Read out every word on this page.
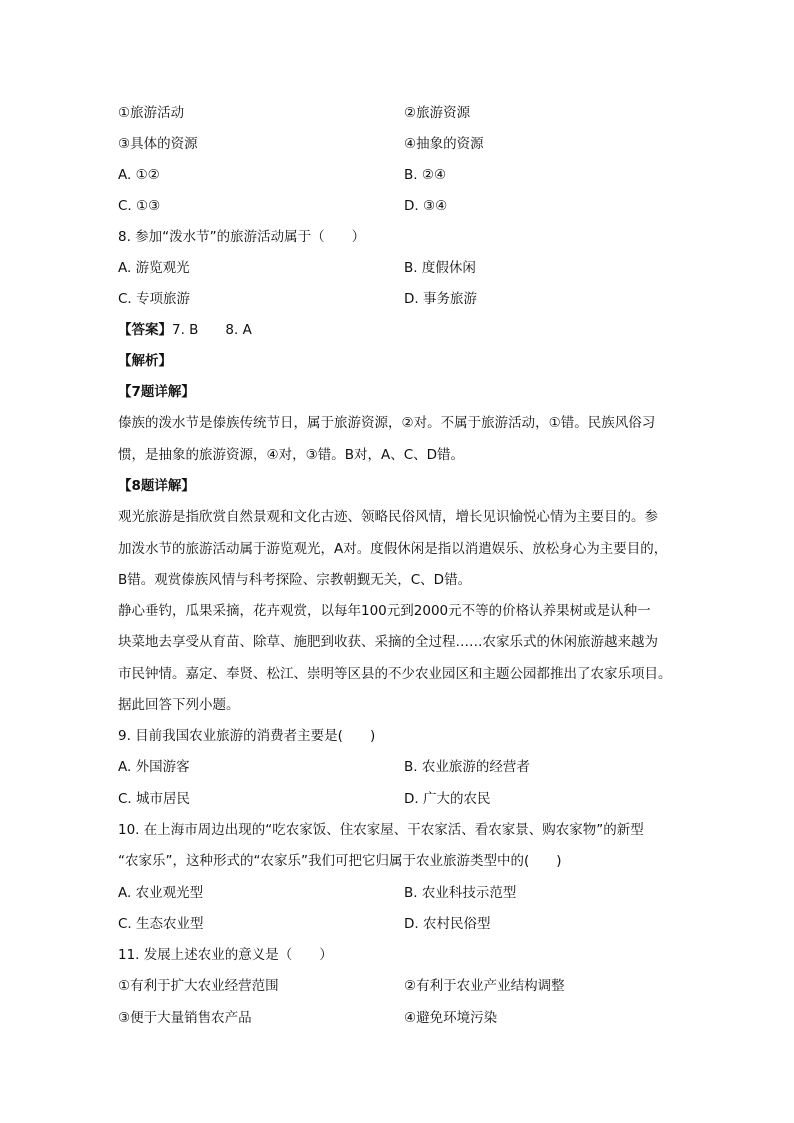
①旅游活动	②旅游资源
③具体的资源	④抽象的资源
A. ①②	B. ②④
C. ①③	D. ③④
8. 参加“泼水节”的旅游活动属于（　　）
A. 游览观光	B. 度假休闲
C. 专项旅游	D. 事务旅游
【答案】7. B　　8. A
【解析】
【7题详解】
傣族的泼水节是傣族传统节日，属于旅游资源，②对。不属于旅游活动，①错。民族风俗习
惯，是抽象的旅游资源，④对，③错。B对，A、C、D错。
【8题详解】
观光旅游是指欣赏自然景观和文化古迹、领略民俗风情，增长见识愉悦心情为主要目的。参
加泼水节的旅游活动属于游览观光，A对。度假休闲是指以消遣娱乐、放松身心为主要目的，
B错。观赏傣族风情与科考探险、宗教朝觐无关，C、D错。
静心垂钓，瓜果采摘，花卉观赏，以每年100元到2000元不等的价格认养果树或是认种一
块菜地去享受从育苗、除草、施肥到收获、采摘的全过程……农家乐式的休闲旅游越来越为
市民钟情。嘉定、奉贤、松江、崇明等区县的不少农业园区和主题公园都推出了农家乐项目。
据此回答下列小题。
9. 目前我国农业旅游的消费者主要是(　　)
A. 外国游客	B. 农业旅游的经营者
C. 城市居民	D. 广大的农民
10. 在上海市周边出现的“吃农家饭、住农家屋、干农家活、看农家景、购农家物”的新型
“农家乐”，这种形式的“农家乐”我们可把它归属于农业旅游类型中的(　　)
A. 农业观光型	B. 农业科技示范型
C. 生态农业型	D. 农村民俗型
11. 发展上述农业的意义是（　　）
①有利于扩大农业经营范围	②有利于农业产业结构调整
③便于大量销售农产品	④避免环境污染
